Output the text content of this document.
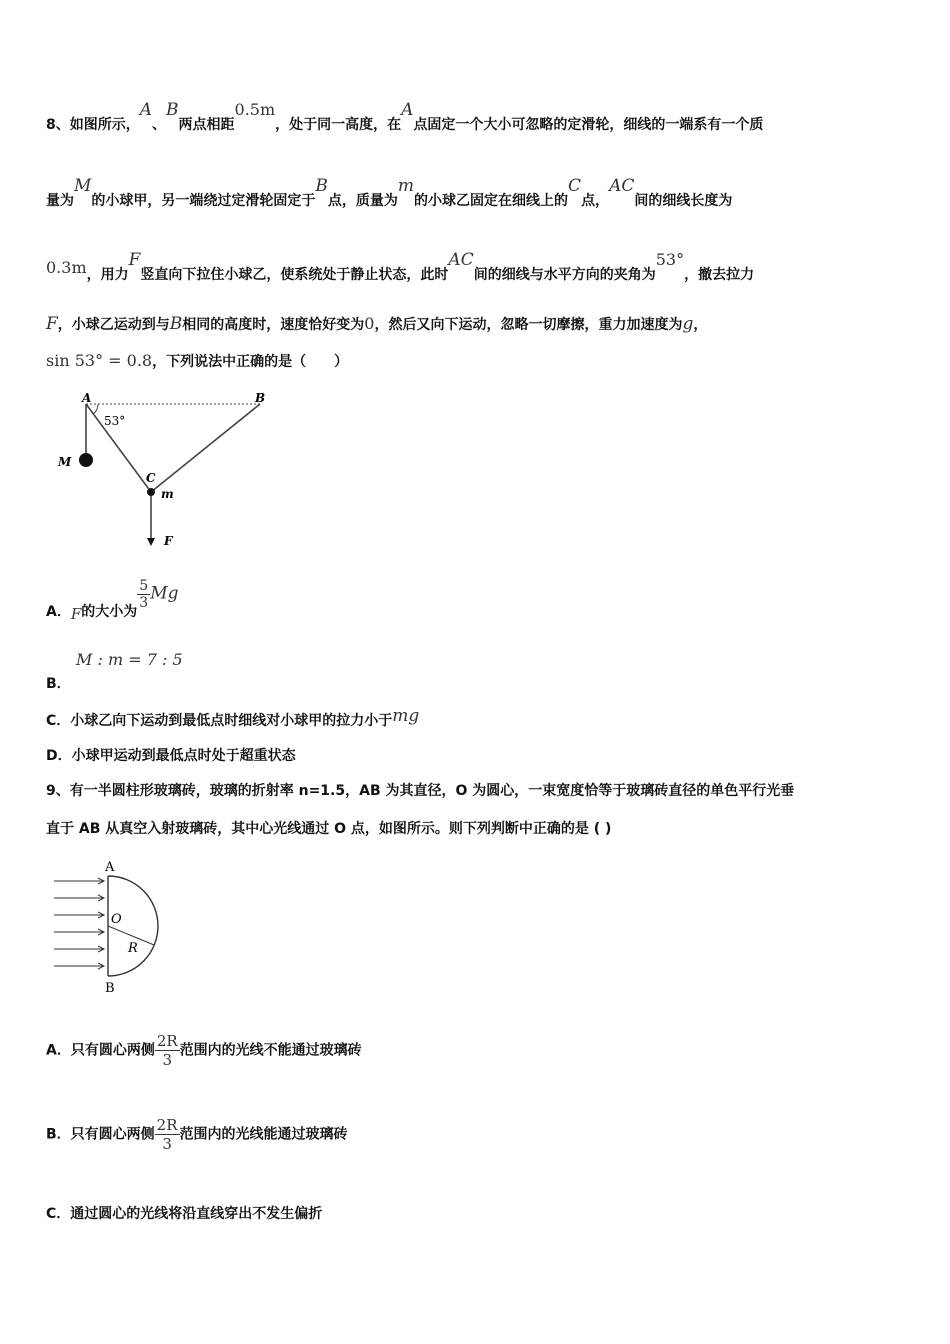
8、如图所示，A、B两点相距0.5m，处于同一高度，在A点固定一个大小可忽略的定滑轮，细线的一端系有一个质
量为M的小球甲，另一端绕过定滑轮固定于B点，质量为m的小球乙固定在细线上的C点，AC间的细线长度为
0.3m，用力F竖直向下拉住小球乙，使系统处于静止状态，此时AC间的细线与水平方向的夹角为53°，撤去拉力
F，小球乙运动到与B相同的高度时，速度恰好变为0，然后又向下运动，忽略一切摩擦，重力加速度为g，
sin 53° = 0.8，下列说法中正确的是（　　）
A	B
53°
M
C
m
F
A．F的大小为
$\frac{5}{3}$ Mg
M : m = 7 : 5
B．
C．小球乙向下运动到最低点时细线对小球甲的拉力小于mg
D．小球甲运动到最低点时处于超重状态
9、有一半圆柱形玻璃砖，玻璃的折射率 n=1.5，AB 为其直径，O 为圆心，一束宽度恰等于玻璃砖直径的单色平行光垂
直于 AB 从真空入射玻璃砖，其中心光线通过 O 点，如图所示。则下列判断中正确的是 ( )
A
B
O
R
A．只有圆心两侧 $\frac{2R}{3}$ 范围内的光线不能通过玻璃砖
B．只有圆心两侧 $\frac{2R}{3}$ 范围内的光线能通过玻璃砖
C．通过圆心的光线将沿直线穿出不发生偏折
